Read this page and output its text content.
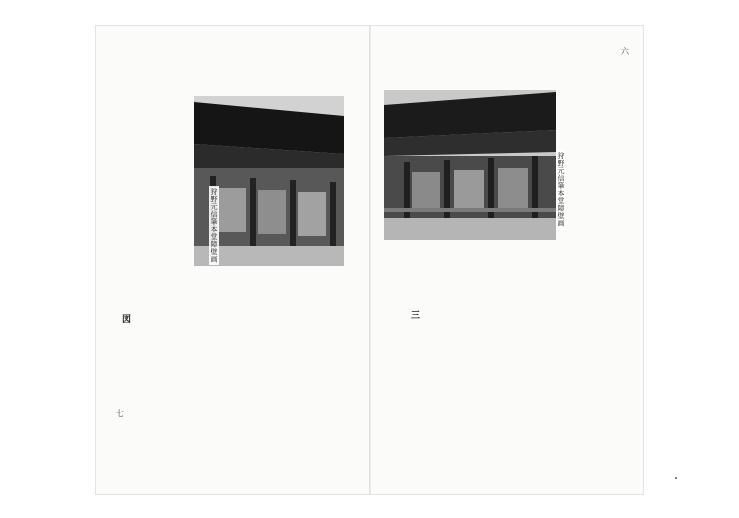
狩野元信筆本堂障壁画
三
六
狩野元信筆本堂障壁画
図
七
